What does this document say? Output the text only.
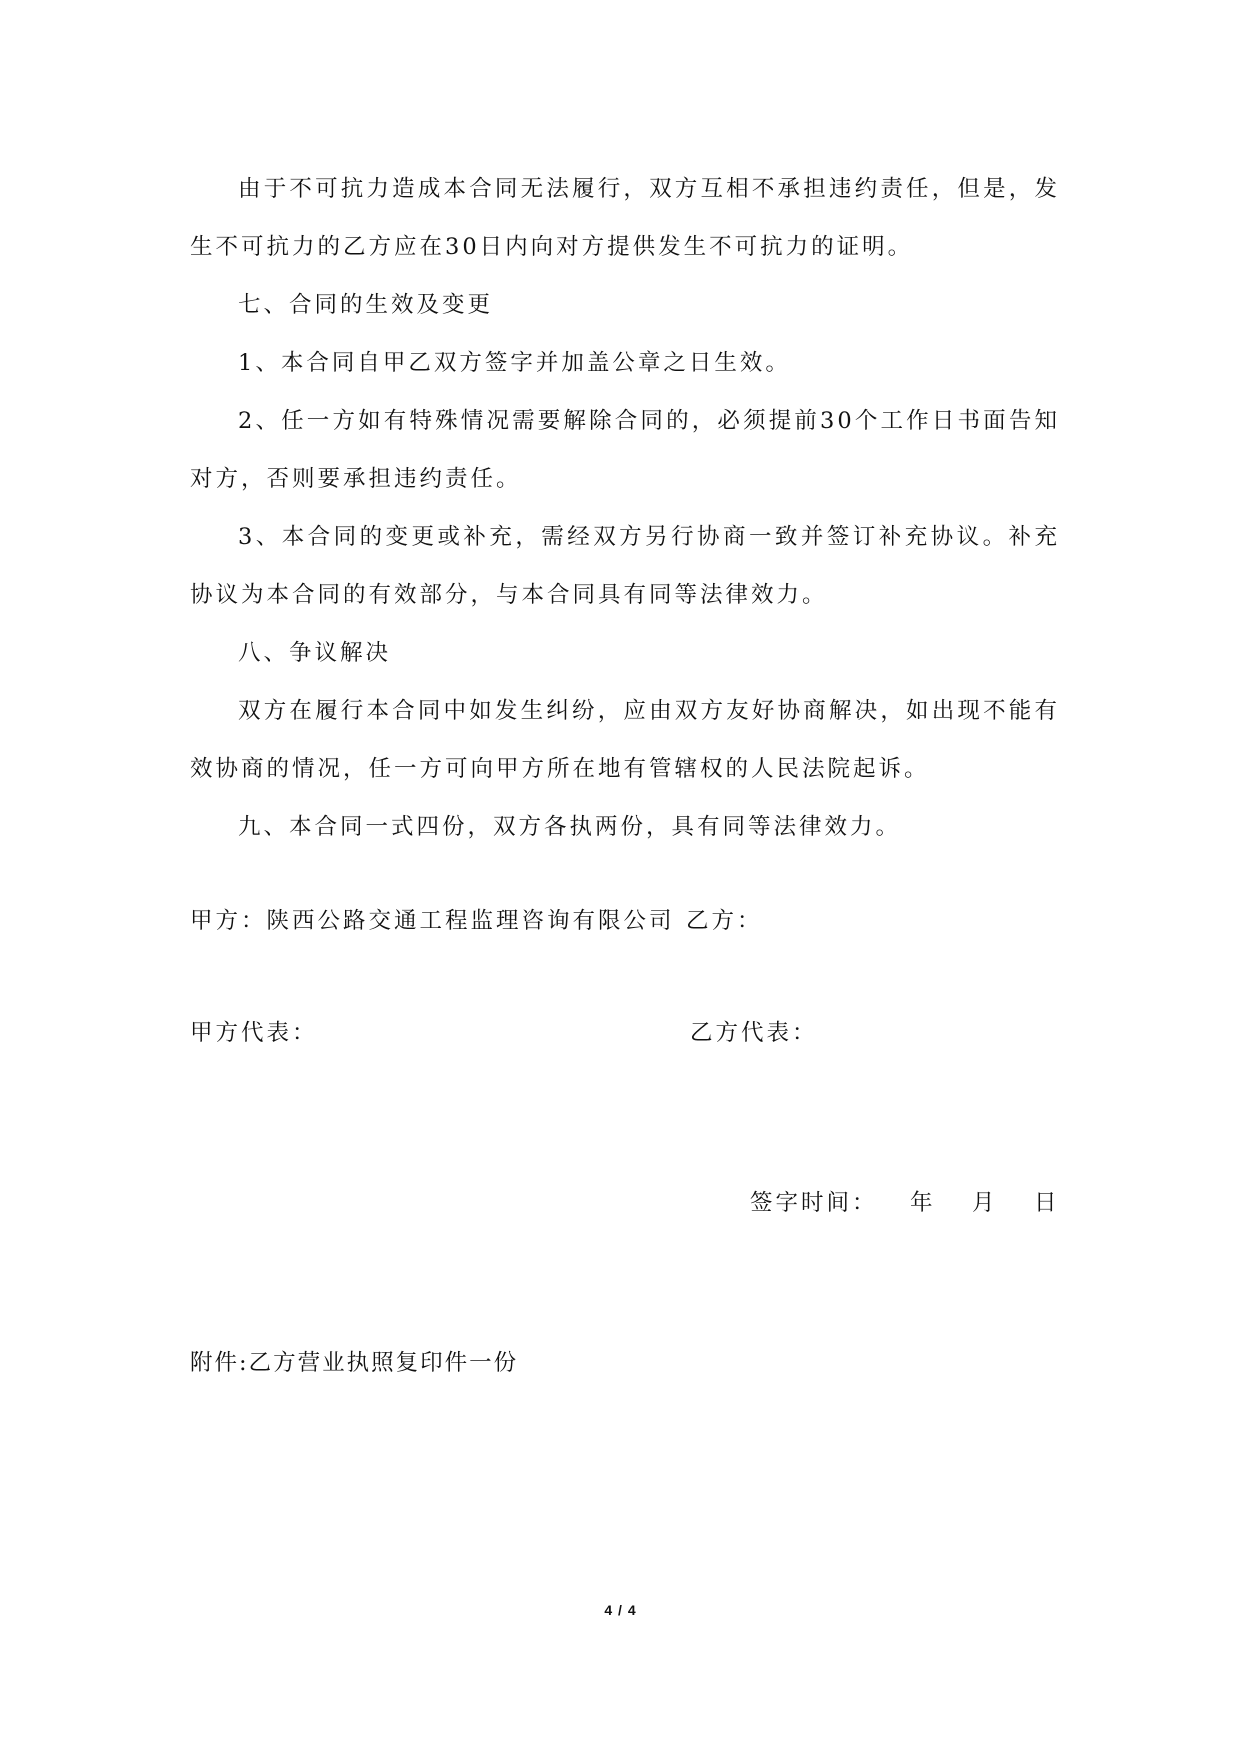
由于不可抗力造成本合同无法履行，双方互相不承担违约责任，但是，发生不可抗力的乙方应在30日内向对方提供发生不可抗力的证明。

七、合同的生效及变更

1、本合同自甲乙双方签字并加盖公章之日生效。

2、任一方如有特殊情况需要解除合同的，必须提前30个工作日书面告知对方，否则要承担违约责任。

3、本合同的变更或补充，需经双方另行协商一致并签订补充协议。补充协议为本合同的有效部分，与本合同具有同等法律效力。

八、争议解决

双方在履行本合同中如发生纠纷，应由双方友好协商解决，如出现不能有效协商的情况，任一方可向甲方所在地有管辖权的人民法院起诉。

九、本合同一式四份，双方各执两份，具有同等法律效力。

甲方：陕西公路交通工程监理咨询有限公司 乙方：

甲方代表：	乙方代表：

签字时间： 年 月 日

附件:乙方营业执照复印件一份

4 / 4
